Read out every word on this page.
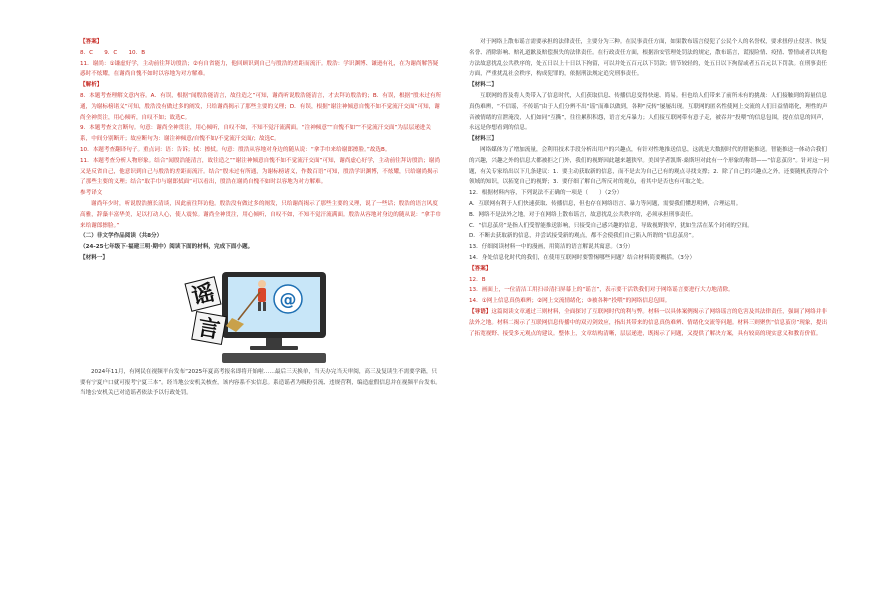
【答案】

8．C　　9．C　　10．B

11．谢尚：①谦虚好学，主动前往拜访殷浩；②有自省能力，他回顾识到自己与殷浩的差距而流汗。殷浩：学识渊博、谦逊有礼，在为谢尚解答疑惑时不炫耀，在谢尚自愧不如时以容地为对方解难。

【解析】

8．本题考查理解文意内容。A．有误，根据“闻殷浩能清言，故往造之”可知，谢尚听说殷浩能清言，才去拜访殷浩的；B．有误，根据“殷未过有所通，为谢标榜诸义”可知，殷浩没有做过多的阐发，只给谢尚揭示了那些主要的义理；D．有误，根据“谢注神倾意自愧不如不觉流汗交面”可知，谢尚全神贯注，用心倾听，自叹不如；故选C。

9．本题考查文言断句。句意：谢尚全神贯注，用心倾听，自叹不如，不知不觉汗流满面。“注神倾意”“自愧不如”“不觉流汗交面”为层层递进关系，中间分别断开；故应断句为：谢注神倾意/自愧不如/不觉流汗交面/；故选C。

10．本题考查翻译句子。重点词：语：告诉；拭：擦拭。句意：殷浩从容地对身边的随从说：“拿手巾来给谢郎擦脸。”故选B。

11．本题考查分析人物形象。结合“闻殷浩能清言，故往造之”“谢注神倾意自愧不如不觉流汗交面”可知，谢尚虚心好学，主动前往拜访殷浩；谢尚又是反省自己，他意识到自己与殷浩的差距而流汗。结合“殷未过有所通，为谢标榜诸义，作数百语”可知，殷浩学识渊博，不炫耀，只给谢尚揭示了那些主要的义理；结合“取手巾与谢郎拭面”可以看出，殷浩在谢尚自愧不如时以容地为对方解难。

参考译文

谢尚年少时，听说殷浩擅长清谈，因此前往拜访他。殷浩没有做过多的阐发，只给谢尚揭示了那些主要的义理，说了一些话；殷浩的语言风度高雅，辞藻丰富华美，足以打动人心，使人震惊。谢尚全神贯注，用心倾听，自叹不如，不知不觉汗流满面。殷浩从容地对身边的随从说：“拿手巾来给谢郎擦脸。”

（二）非文学作品阅读（共8分）

（24-25七年级下·福建三明·期中）阅读下面的材料，完成下面小题。

【材料一】

@
谣
言

2024年11月，有网民在视频平台发布“2025年夏高考报名即将开始啦……最后三天换单，当天办完当天审阅，高三及复读生不需要学籍，只要有宁夏户口就可报考宁夏三本”。经当地公安机关核查，该内容系不实信息。系造谣者为吸粉引流、违规营利，编造虚假信息并在视频平台发布。当地公安机关已对造谣者依法予以行政处罚。

对于网络上散布谣言需要承担的法律责任，主要分为三种。在民事责任方面，如果散布谣言侵犯了公民个人的名誉权，要求扭停止侵害、恢复名誉、消除影响、赔礼道歉及赔偿损失的法律责任。在行政责任方面，根据治安管理处罚法的规定，散布谣言，谎报险情、疫情、警情或者以其他方法故意扰乱公共秩序的，处五日以上十日以下拘留，可以并处五百元以下罚款；情节较轻的，处五日以下拘留或者五百元以下罚款。在刑事责任方面，严重扰乱社会秩序，构成犯罪的，依据刑法规定追究刑事责任。

【材料二】

互联网的普及将人类带入了信息时代，人们获取信息、传播信息变得快速、简易。但也给人们带来了前所未有的挑战：人们接触到的海量信息真伪难辨，“不信谣，不传谣”由于人们分辨不出“谣”而难以做到，各种“反转”屡屡出现。互联网的匿名性使网上交流的人们日益情绪化，理性的声音被情绪的宣泄淹没，人们如同“互撕”，往往累积积怨，语言充斥暴力；人们接互联网带有意子走，被吞并“投喂”的信息包围，提在信息的回声，永远是你想看到的信息。

【材料三】

网络媒体为了增加流量，会利用技术手段分析出用户的兴趣点，有针对性地推送信息，这就是大数据时代的智能推送。智能推送一体动合我们的兴趣，兴趣之外的信息大都被拒之门外，我们的视野因此越来越狭窄。美国学者凯斯·桑斯坦对此有一个形象的称谓——“信息茧房”。针对这一问题，有关专家给出以下几条建议：1．要主动获取新的信息，而不是去为自己已有的观点寻找支撑；2．除了自己的兴趣点之外，还要随机获得合个领域的知识，以拓宽自己的视野；3．要仔细了解自己所反对的观点，看其中是否也有可取之处。

12．根据材料内容，下列说法不正确的一项是（　　）（2分）

A．互联网有利于人们快速获取、传播信息，但也存在网络语言、暴力等问题，需要我们懂思明辨，合理运用。

B．网络不是法外之地，对于在网络上散布谣言，故意扰乱公共秩序的，必须承担刑事责任。

C．“信息茧房”是指人们受智能推送影响，只接受自己感兴趣的信息，导致视野狭窄，犹如生活在某个封闭的空间。

D．不断去获取新的信息，并尝试接受新的观点，都不会使我们自己陷入所谓的“信息茧房”。

13．仔细阅读材料一中的漫画，用简洁的语言解说其寓意。（3分）

14．身处信息化时代的我们，在使用互联网时要警惕哪些问题？结合材料简要概括。（3分）

【答案】

12．B

13．画面上，一位清洁工用扫帚清扫屏幕上的“谣言”，表示要干活铁我们对于网络谣言要进行大力地清除。

14．①网上信息真伪难辨；②网上交流情绪化；③被各种“投喂”的网络信息包围。

【导语】这篇阅读文章通过三则材料，全面探讨了互联网时代的利与弊。材料一以具体案例揭示了网络谣言的危害及其法律责任，强调了网络并非法外之地。材料二揭示了互联网信息传播中的双刃剑效应，指出其带来的信息真伪难辨、情绪化交流等问题。材料三则聚焦“信息茧房”现象，提出了拓宽视野、接受多元观点的建议。整体上，文章结构清晰，层层递进，既揭示了问题，又提供了解决方案，具有较高的现实意义和教育价值。
